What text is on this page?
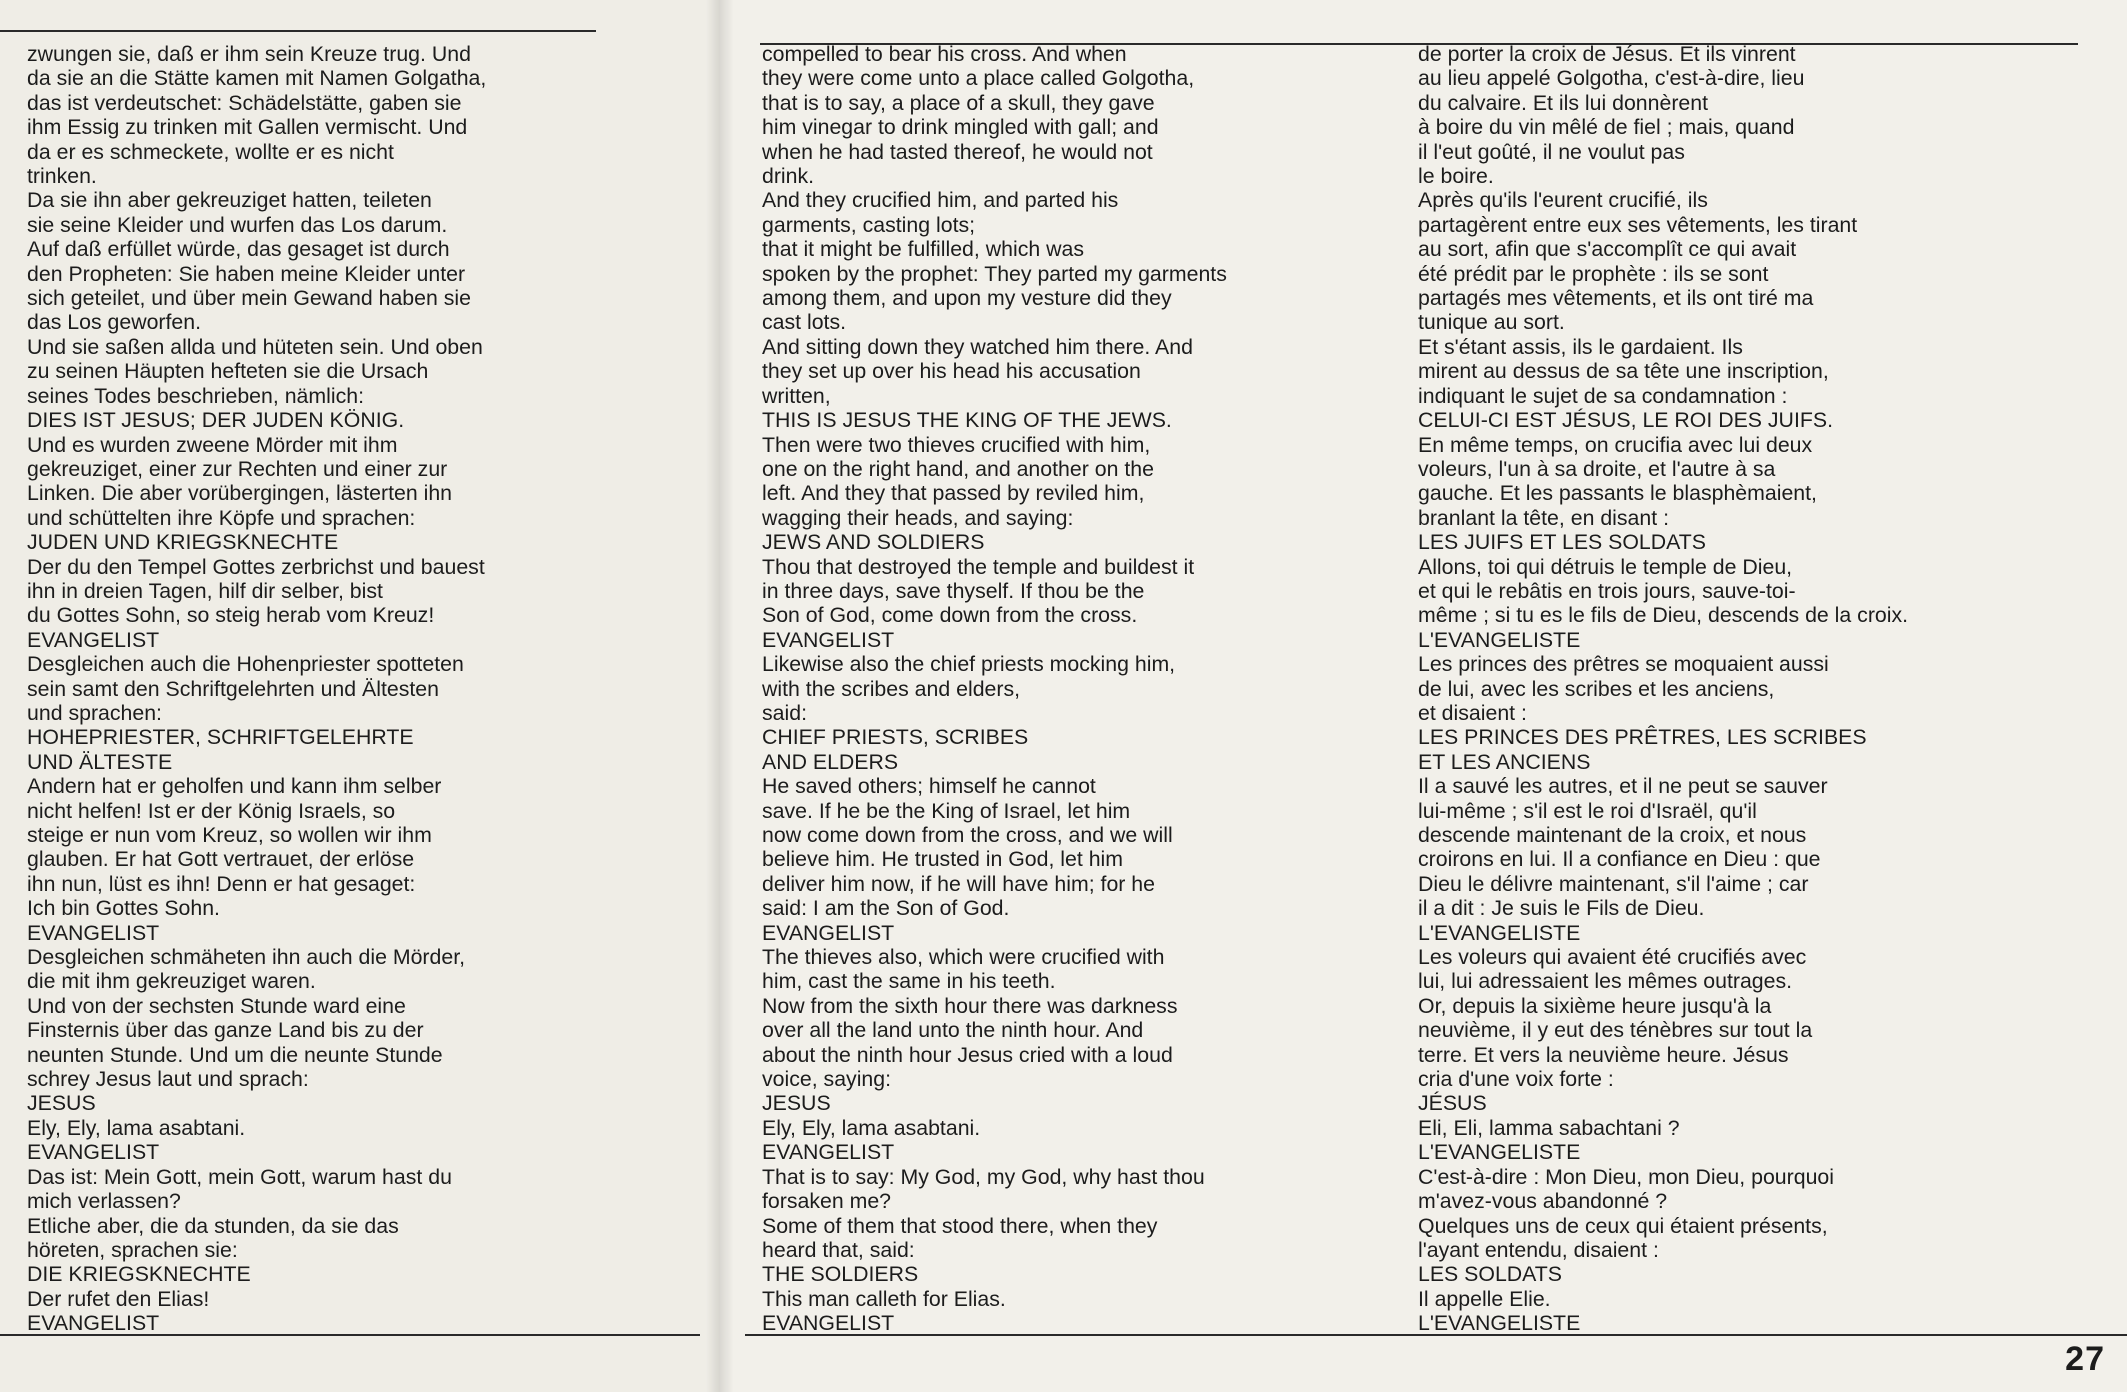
zwungen sie, daß er ihm sein Kreuze trug. Und
da sie an die Stätte kamen mit Namen Golgatha,
das ist verdeutschet: Schädelstätte, gaben sie
ihm Essig zu trinken mit Gallen vermischt. Und
da er es schmeckete, wollte er es nicht
trinken.
Da sie ihn aber gekreuziget hatten, teileten
sie seine Kleider und wurfen das Los darum.
Auf daß erfüllet würde, das gesaget ist durch
den Propheten: Sie haben meine Kleider unter
sich geteilet, und über mein Gewand haben sie
das Los geworfen.
Und sie saßen allda und hüteten sein. Und oben
zu seinen Häupten hefteten sie die Ursach
seines Todes beschrieben, nämlich:
DIES IST JESUS; DER JUDEN KÖNIG.
Und es wurden zweene Mörder mit ihm
gekreuziget, einer zur Rechten und einer zur
Linken. Die aber vorübergingen, lästerten ihn
und schüttelten ihre Köpfe und sprachen:
JUDEN UND KRIEGSKNECHTE
Der du den Tempel Gottes zerbrichst und bauest
ihn in dreien Tagen, hilf dir selber, bist
du Gottes Sohn, so steig herab vom Kreuz!
EVANGELIST
Desgleichen auch die Hohenpriester spotteten
sein samt den Schriftgelehrten und Ältesten
und sprachen:
HOHEPRIESTER, SCHRIFTGELEHRTE
UND ÄLTESTE
Andern hat er geholfen und kann ihm selber
nicht helfen! Ist er der König Israels, so
steige er nun vom Kreuz, so wollen wir ihm
glauben. Er hat Gott vertrauet, der erlöse
ihn nun, lüst es ihn! Denn er hat gesaget:
Ich bin Gottes Sohn.
EVANGELIST
Desgleichen schmäheten ihn auch die Mörder,
die mit ihm gekreuziget waren.
Und von der sechsten Stunde ward eine
Finsternis über das ganze Land bis zu der
neunten Stunde. Und um die neunte Stunde
schrey Jesus laut und sprach:
JESUS
Ely, Ely, lama asabtani.
EVANGELIST
Das ist: Mein Gott, mein Gott, warum hast du
mich verlassen?
Etliche aber, die da stunden, da sie das
höreten, sprachen sie:
DIE KRIEGSKNECHTE
Der rufet den Elias!
EVANGELIST
compelled to bear his cross. And when
they were come unto a place called Golgotha,
that is to say, a place of a skull, they gave
him vinegar to drink mingled with gall; and
when he had tasted thereof, he would not
drink.
And they crucified him, and parted his
garments, casting lots;
that it might be fulfilled, which was
spoken by the prophet: They parted my garments
among them, and upon my vesture did they
cast lots.
And sitting down they watched him there. And
they set up over his head his accusation
written,
THIS IS JESUS THE KING OF THE JEWS.
Then were two thieves crucified with him,
one on the right hand, and another on the
left. And they that passed by reviled him,
wagging their heads, and saying:
JEWS AND SOLDIERS
Thou that destroyed the temple and buildest it
in three days, save thyself. If thou be the
Son of God, come down from the cross.
EVANGELIST
Likewise also the chief priests mocking him,
with the scribes and elders,
said:
CHIEF PRIESTS, SCRIBES
AND ELDERS
He saved others; himself he cannot
save. If he be the King of Israel, let him
now come down from the cross, and we will
believe him. He trusted in God, let him
deliver him now, if he will have him; for he
said: I am the Son of God.
EVANGELIST
The thieves also, which were crucified with
him, cast the same in his teeth.
Now from the sixth hour there was darkness
over all the land unto the ninth hour. And
about the ninth hour Jesus cried with a loud
voice, saying:
JESUS
Ely, Ely, lama asabtani.
EVANGELIST
That is to say: My God, my God, why hast thou
forsaken me?
Some of them that stood there, when they
heard that, said:
THE SOLDIERS
This man calleth for Elias.
EVANGELIST
de porter la croix de Jésus. Et ils vinrent
au lieu appelé Golgotha, c'est-à-dire, lieu
du calvaire. Et ils lui donnèrent
à boire du vin mêlé de fiel ; mais, quand
il l'eut goûté, il ne voulut pas
le boire.
Après qu'ils l'eurent crucifié, ils
partagèrent entre eux ses vêtements, les tirant
au sort, afin que s'accomplît ce qui avait
été prédit par le prophète : ils se sont
partagés mes vêtements, et ils ont tiré ma
tunique au sort.
Et s'étant assis, ils le gardaient. Ils
mirent au dessus de sa tête une inscription,
indiquant le sujet de sa condamnation :
CELUI-CI EST JÉSUS, LE ROI DES JUIFS.
En même temps, on crucifia avec lui deux
voleurs, l'un à sa droite, et l'autre à sa
gauche. Et les passants le blasphèmaient,
branlant la tête, en disant :
LES JUIFS ET LES SOLDATS
Allons, toi qui détruis le temple de Dieu,
et qui le rebâtis en trois jours, sauve-toi-
même ; si tu es le fils de Dieu, descends de la croix.
L'EVANGELISTE
Les princes des prêtres se moquaient aussi
de lui, avec les scribes et les anciens,
et disaient :
LES PRINCES DES PRÊTRES, LES SCRIBES
ET LES ANCIENS
Il a sauvé les autres, et il ne peut se sauver
lui-même ; s'il est le roi d'Israël, qu'il
descende maintenant de la croix, et nous
croirons en lui. Il a confiance en Dieu : que
Dieu le délivre maintenant, s'il l'aime ; car
il a dit : Je suis le Fils de Dieu.
L'EVANGELISTE
Les voleurs qui avaient été crucifiés avec
lui, lui adressaient les mêmes outrages.
Or, depuis la sixième heure jusqu'à la
neuvième, il y eut des ténèbres sur tout la
terre. Et vers la neuvième heure. Jésus
cria d'une voix forte :
JÉSUS
Eli, Eli, lamma sabachtani ?
L'EVANGELISTE
C'est-à-dire : Mon Dieu, mon Dieu, pourquoi
m'avez-vous abandonné ?
Quelques uns de ceux qui étaient présents,
l'ayant entendu, disaient :
LES SOLDATS
Il appelle Elie.
L'EVANGELISTE
27
